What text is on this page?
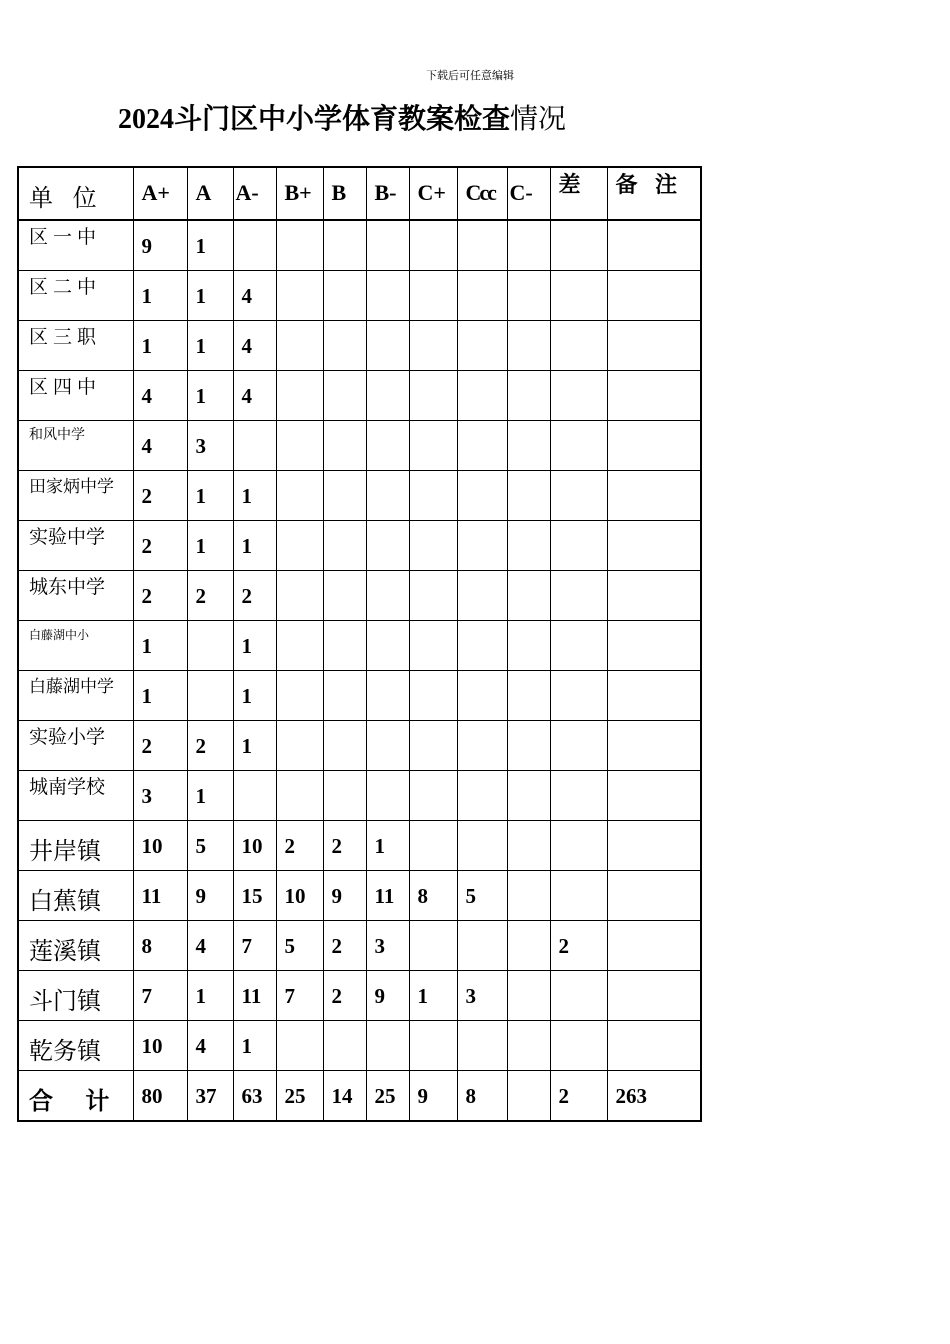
下载后可任意编辑
2024斗门区中小学体育教案检查情况
单 位	A+	A	A-	B+	B	B-	C+	Ccc	C-	差	备 注

区一中	9	1									

区二中	1	1	4								

区三职	1	1	4								

区四中	4	1	4								

和风中学	4	3									

田家炳中学	2	1	1								

实验中学	2	1	1								

城东中学	2	2	2								

白藤湖中小	1		1								

白藤湖中学	1		1								

实验小学	2	2	1								

城南学校	3	1									

井岸镇	10	5	10	2	2	1					

白蕉镇	11	9	15	10	9	11	8	5			

莲溪镇	8	4	7	5	2	3				2	

斗门镇	7	1	11	7	2	9	1	3			

乾务镇	10	4	1								

合 计	80	37	63	25	14	25	9	8		2	263
